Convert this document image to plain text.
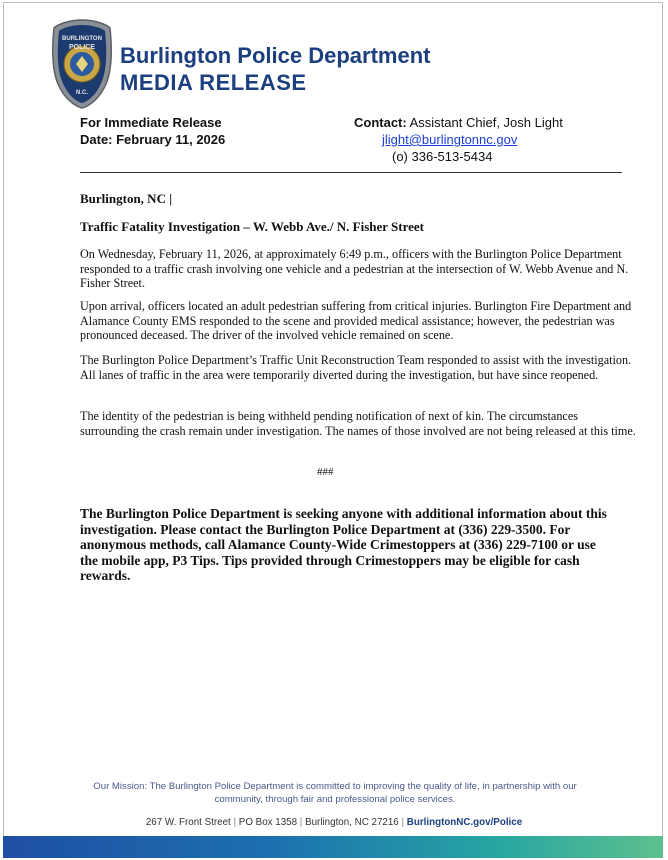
BURLINGTON
POLICE
N.C.
Burlington Police Department
MEDIA RELEASE
For Immediate Release
Date: February 11, 2026
Contact: Assistant Chief, Josh Light
jlight@burlingtonnc.gov
(o) 336-513-5434
Burlington, NC |
Traffic Fatality Investigation – W. Webb Ave./ N. Fisher Street
On Wednesday, February 11, 2026, at approximately 6:49 p.m., officers with the Burlington Police Department responded to a traffic crash involving one vehicle and a pedestrian at the intersection of W. Webb Avenue and N. Fisher Street.
Upon arrival, officers located an adult pedestrian suffering from critical injuries. Burlington Fire Department and Alamance County EMS responded to the scene and provided medical assistance; however, the pedestrian was pronounced deceased. The driver of the involved vehicle remained on scene.
The Burlington Police Department’s Traffic Unit Reconstruction Team responded to assist with the investigation. All lanes of traffic in the area were temporarily diverted during the investigation, but have since reopened.
The identity of the pedestrian is being withheld pending notification of next of kin. The circumstances surrounding the crash remain under investigation. The names of those involved are not being released at this time.
###
The Burlington Police Department is seeking anyone with additional information about this investigation. Please contact the Burlington Police Department at (336) 229-3500. For anonymous methods, call Alamance County-Wide Crimestoppers at (336) 229-7100 or use the mobile app, P3 Tips. Tips provided through Crimestoppers may be eligible for cash rewards.
Our Mission: The Burlington Police Department is committed to improving the quality of life, in partnership with our community, through fair and professional police services.
267 W. Front Street | PO Box 1358 | Burlington, NC 27216 | BurlingtonNC.gov/Police
